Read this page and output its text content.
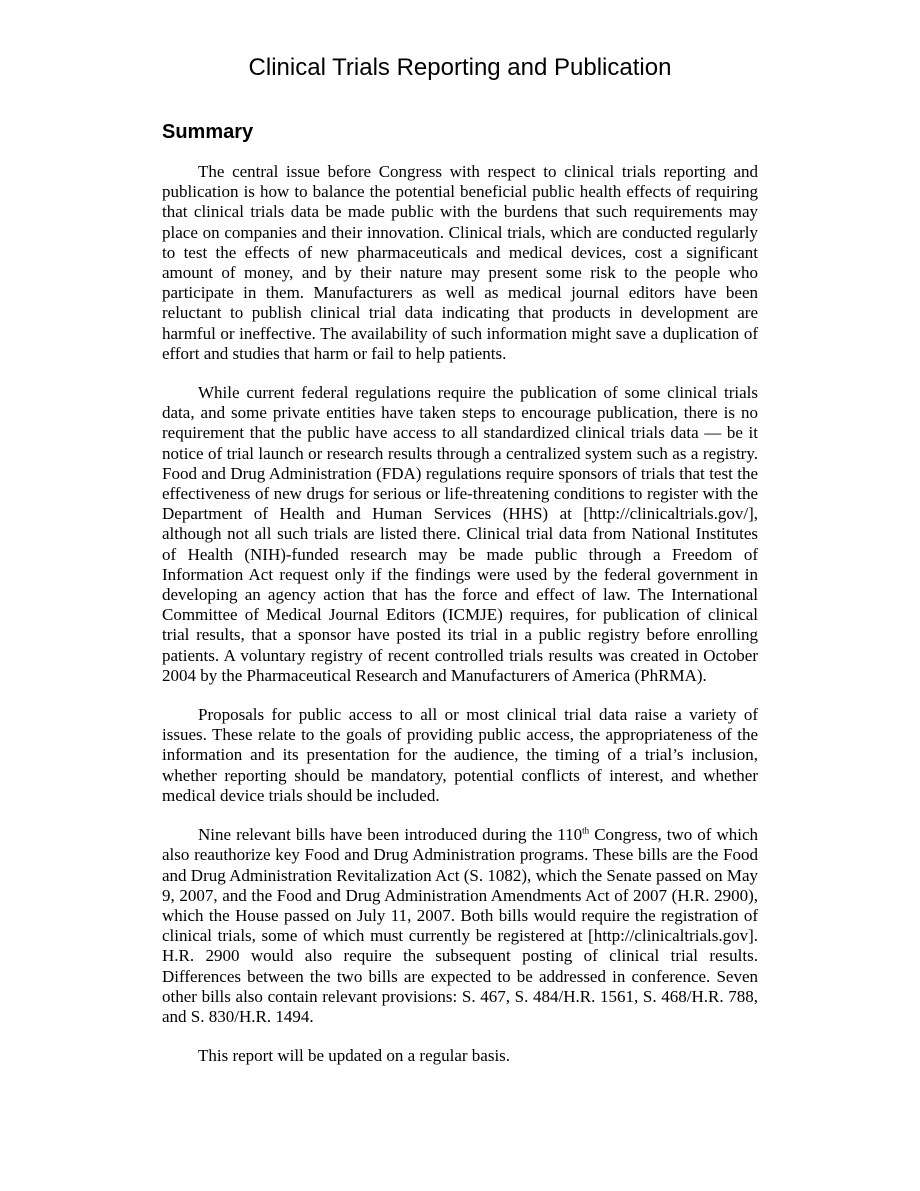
Clinical Trials Reporting and Publication
Summary

The central issue before Congress with respect to clinical trials reporting and publication is how to balance the potential beneficial public health effects of requiring that clinical trials data be made public with the burdens that such requirements may place on companies and their innovation. Clinical trials, which are conducted regularly to test the effects of new pharmaceuticals and medical devices, cost a significant amount of money, and by their nature may present some risk to the people who participate in them. Manufacturers as well as medical journal editors have been reluctant to publish clinical trial data indicating that products in development are harmful or ineffective. The availability of such information might save a duplication of effort and studies that harm or fail to help patients.

While current federal regulations require the publication of some clinical trials data, and some private entities have taken steps to encourage publication, there is no requirement that the public have access to all standardized clinical trials data — be it notice of trial launch or research results through a centralized system such as a registry. Food and Drug Administration (FDA) regulations require sponsors of trials that test the effectiveness of new drugs for serious or life-threatening conditions to register with the Department of Health and Human Services (HHS) at [http://clinicaltrials.gov/], although not all such trials are listed there. Clinical trial data from National Institutes of Health (NIH)-funded research may be made public through a Freedom of Information Act request only if the findings were used by the federal government in developing an agency action that has the force and effect of law. The International Committee of Medical Journal Editors (ICMJE) requires, for publication of clinical trial results, that a sponsor have posted its trial in a public registry before enrolling patients. A voluntary registry of recent controlled trials results was created in October 2004 by the Pharmaceutical Research and Manufacturers of America (PhRMA).

Proposals for public access to all or most clinical trial data raise a variety of issues. These relate to the goals of providing public access, the appropriateness of the information and its presentation for the audience, the timing of a trial’s inclusion, whether reporting should be mandatory, potential conflicts of interest, and whether medical device trials should be included.

Nine relevant bills have been introduced during the 110th Congress, two of which also reauthorize key Food and Drug Administration programs. These bills are the Food and Drug Administration Revitalization Act (S. 1082), which the Senate passed on May 9, 2007, and the Food and Drug Administration Amendments Act of 2007 (H.R. 2900), which the House passed on July 11, 2007. Both bills would require the registration of clinical trials, some of which must currently be registered at [http://clinicaltrials.gov]. H.R. 2900 would also require the subsequent posting of clinical trial results. Differences between the two bills are expected to be addressed in conference. Seven other bills also contain relevant provisions: S. 467, S. 484/H.R. 1561, S. 468/H.R. 788, and S. 830/H.R. 1494.

This report will be updated on a regular basis.
